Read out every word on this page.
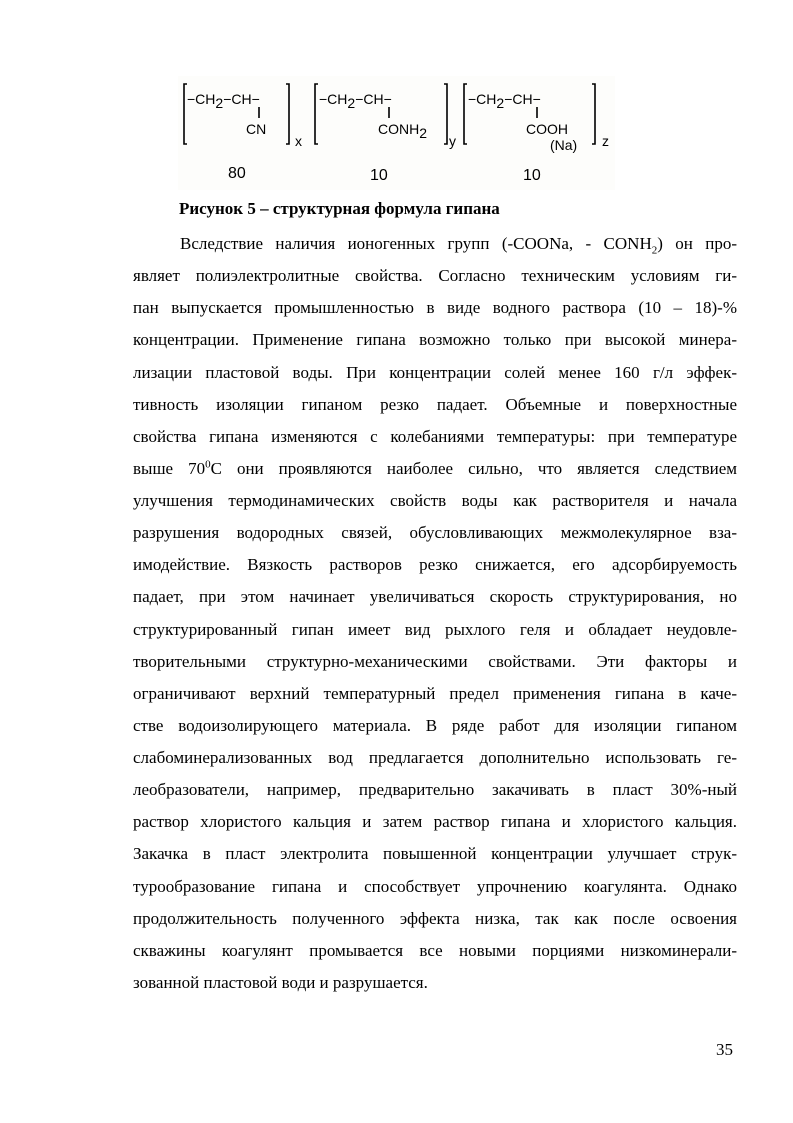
−CH2−CH−
CN
x
80
−CH2−CH−
CONH2 y
10
−CH2−CH−
COOH
(Na) z
10
Рисунок 5 – структурная формула гипана
Вследствие наличия ионогенных групп (-COONa, - $CONH_2$) он про-
являет полиэлектролитные свойства. Согласно техническим условиям ги-
пан выпускается промышленностью в виде водного раствора (10 – 18)-%
концентрации. Применение гипана возможно только при высокой минера-
лизации пластовой воды. При концентрации солей менее 160 г/л эффек-
тивность изоляции гипаном резко падает. Объемные и поверхностные
свойства гипана изменяются с колебаниями температуры: при температуре
выше $70^0С$ они проявляются наиболее сильно, что является следствием
улучшения термодинамических свойств воды как растворителя и начала
разрушения водородных связей, обусловливающих межмолекулярное вза-
имодействие. Вязкость растворов резко снижается, его адсорбируемость
падает, при этом начинает увеличиваться скорость структурирования, но
структурированный гипан имеет вид рыхлого геля и обладает неудовле-
творительными структурно-механическими свойствами. Эти факторы и
ограничивают верхний температурный предел применения гипана в каче-
стве водоизолирующего материала. В ряде работ для изоляции гипаном
слабоминерализованных вод предлагается дополнительно использовать ге-
леобразователи, например, предварительно закачивать в пласт 30%-ный
раствор хлористого кальция и затем раствор гипана и хлористого кальция.
Закачка в пласт электролита повышенной концентрации улучшает струк-
турообразование гипана и способствует упрочнению коагулянта. Однако
продолжительность полученного эффекта низка, так как после освоения
скважины коагулянт промывается все новыми порциями низкоминерали-
зованной пластовой води и разрушается.
35
